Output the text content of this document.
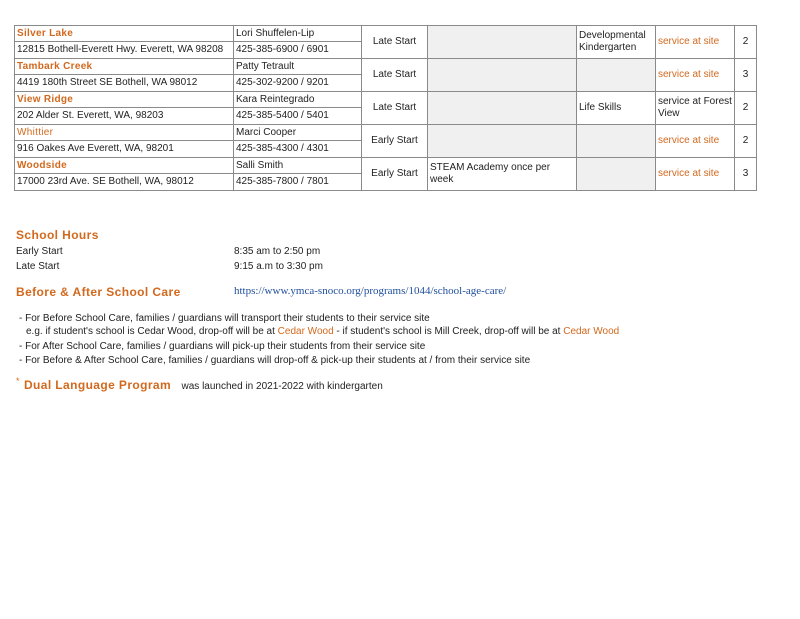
Silver Lake	Lori Shuffelen-Lip	Late Start		Developmental Kindergarten	service at site	2
12815 Bothell-Everett Hwy. Everett, WA 98208	425-385-6900 / 6901					
Tambark Creek	Patty Tetrault	Late Start			service at site	3
4419 180th Street SE Bothell, WA 98012	425-302-9200 / 9201					
View Ridge	Kara Reintegrado	Late Start		Life Skills	service at Forest View	2
202 Alder St. Everett, WA, 98203	425-385-5400 / 5401					
Whittier	Marci Cooper	Early Start			service at site	2
916 Oakes Ave Everett, WA, 98201	425-385-4300 / 4301					
Woodside	Salli Smith	Early Start	STEAM Academy once per week		service at site	3
17000 23rd Ave. SE Bothell, WA, 98012	425-385-7800 / 7801					
School Hours
Early Start	8:35 am to 2:50 pm
Late Start	9:15 a.m to 3:30 pm
Before & After School Care	https://www.ymca-snoco.org/programs/1044/school-age-care/
- For Before School Care, families / guardians will transport their students to their service site
e.g. if student's school is Cedar Wood, drop-off will be at Cedar Wood - if student's school is Mill Creek, drop-off will be at Cedar Wood
- For After School Care, families / guardians will pick-up their students from their service site
- For Before & After School Care, families / guardians will drop-off & pick-up their students at / from their service site
* Dual Language Program was launched in 2021-2022 with kindergarten
